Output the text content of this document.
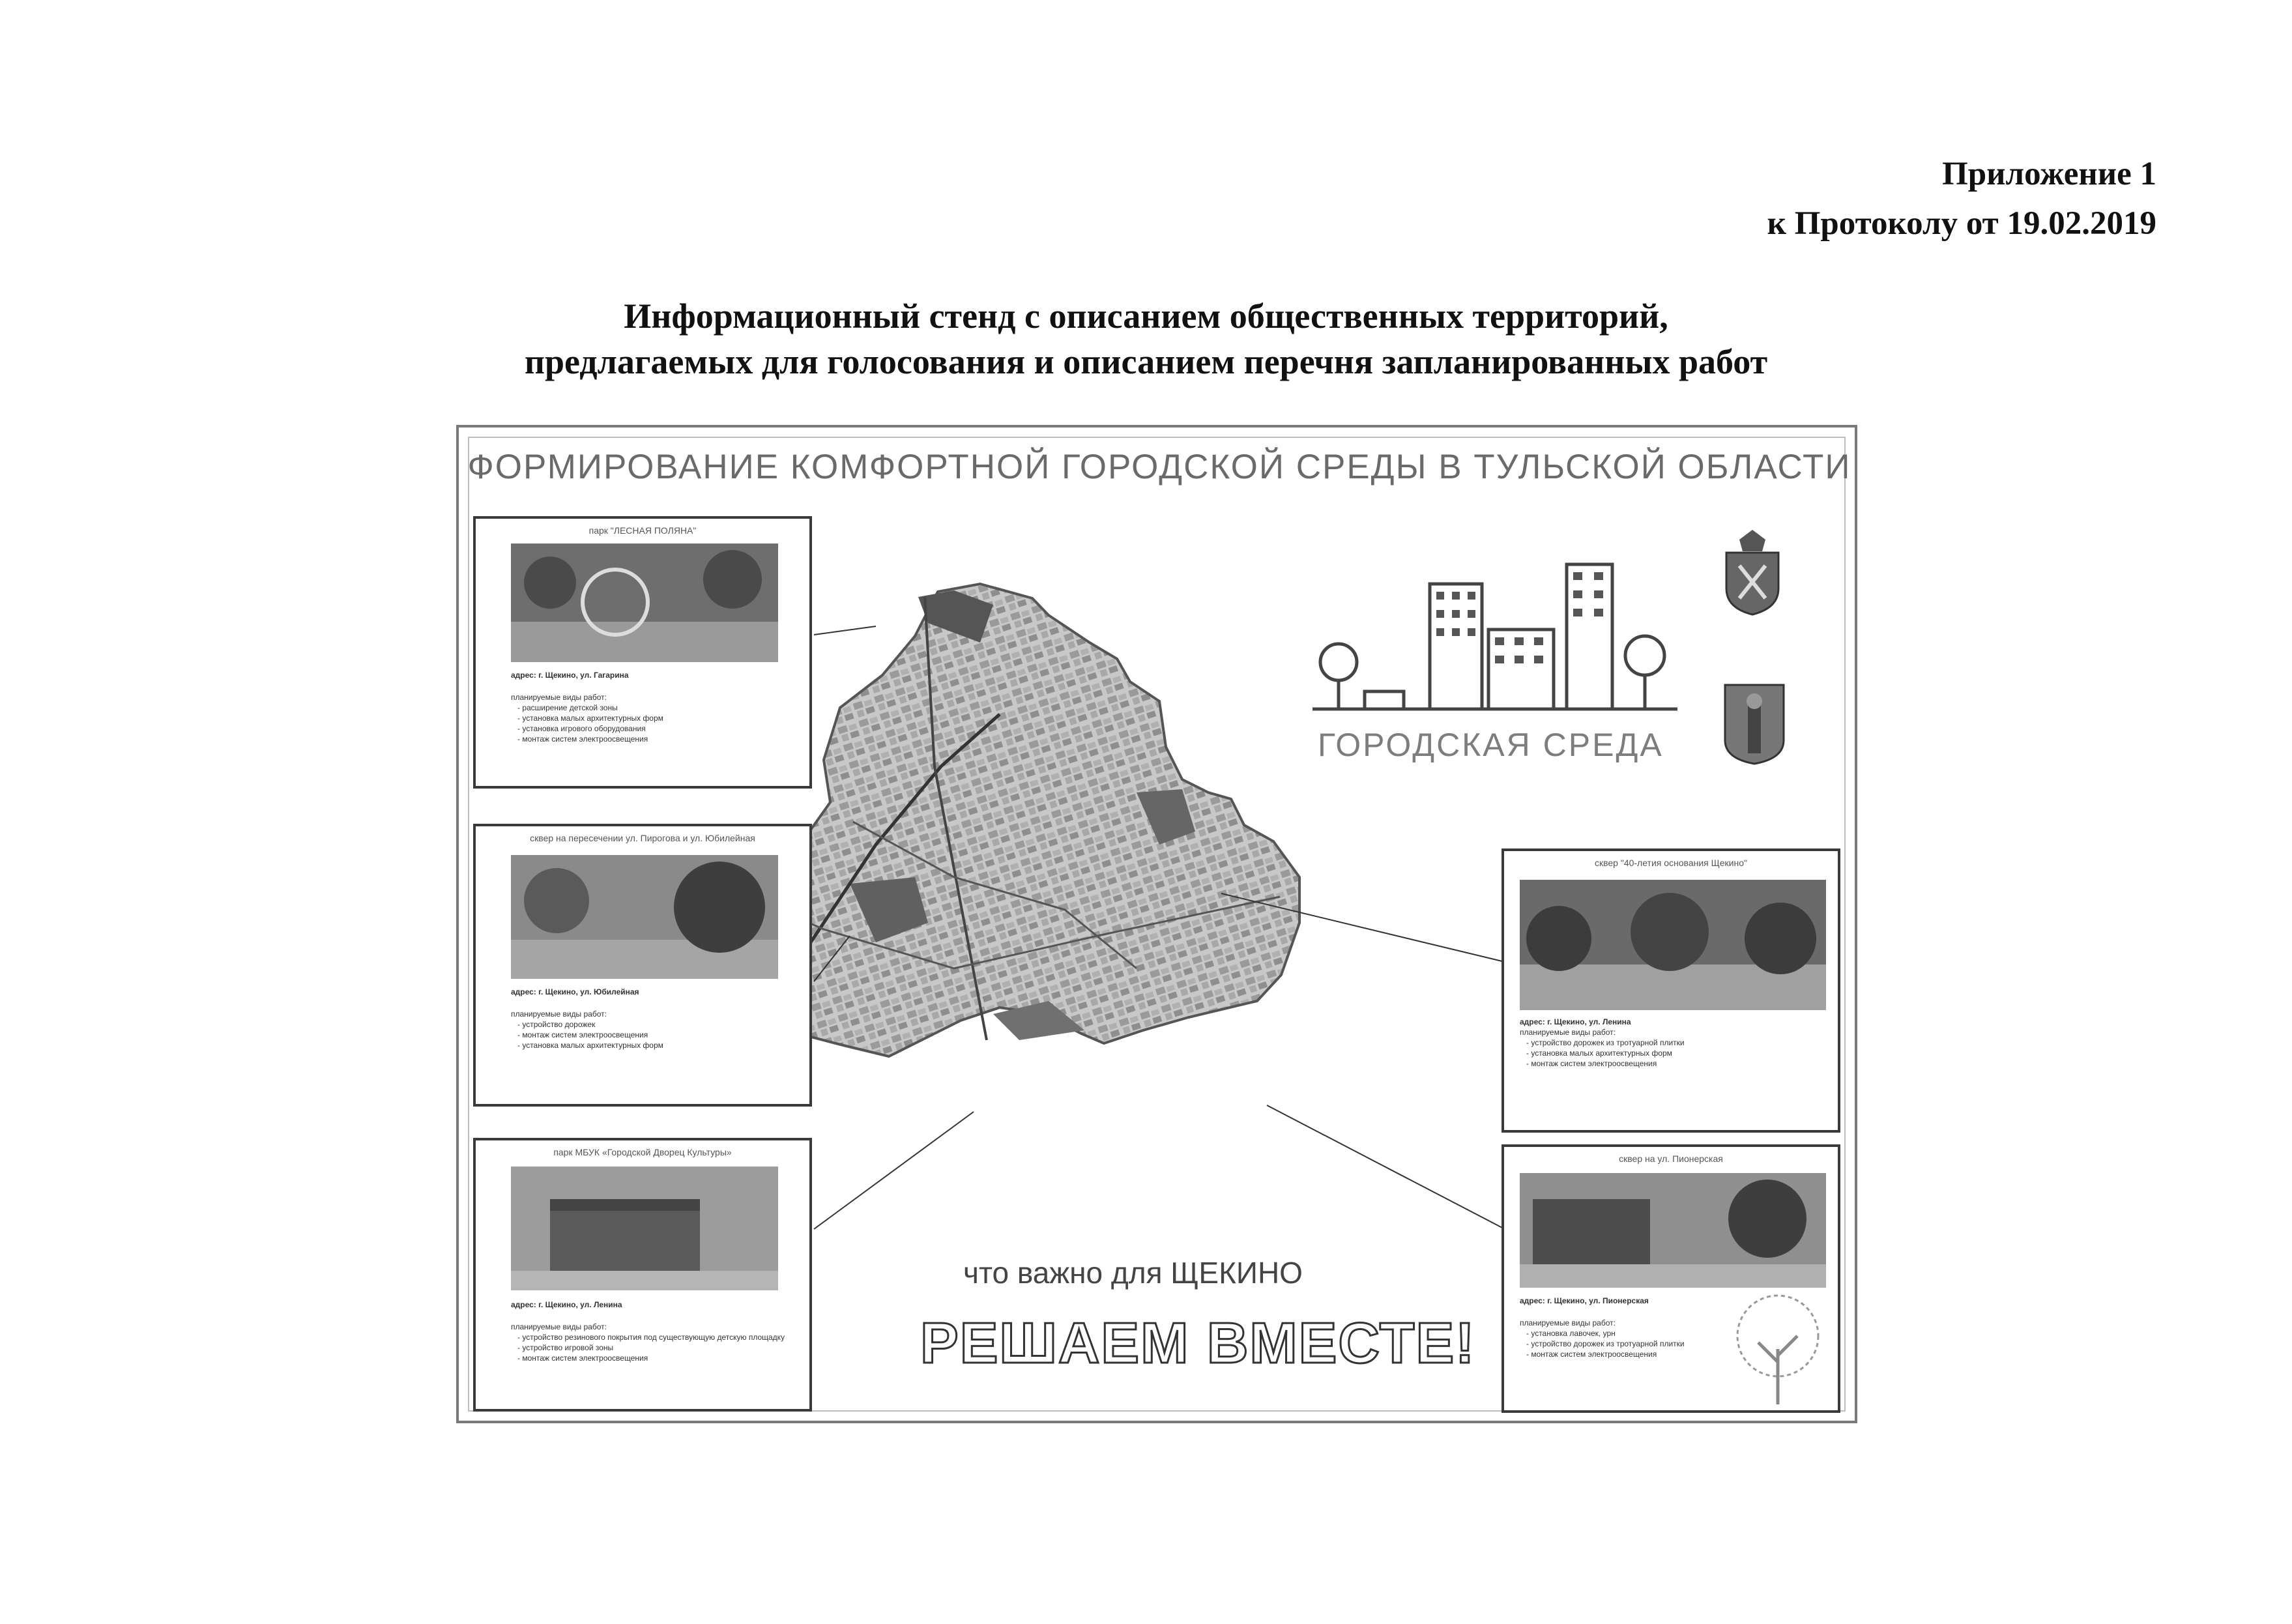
Приложение 1
к Протоколу от 19.02.2019
Информационный стенд с описанием общественных территорий,
предлагаемых для голосования и описанием перечня запланированных работ
ФОРМИРОВАНИЕ КОМФОРТНОЙ ГОРОДСКОЙ СРЕДЫ В ТУЛЬСКОЙ ОБЛАСТИ
парк "ЛЕСНАЯ ПОЛЯНА"
адрес: г. Щекино, ул. Гагарина
планируемые виды работ:
- расширение детской зоны
- установка малых архитектурных форм
- установка игрового оборудования
- монтаж систем электроосвещения
сквер на пересечении ул. Пирогова и ул. Юбилейная
адрес: г. Щекино, ул. Юбилейная
планируемые виды работ:
- устройство дорожек
- монтаж систем электроосвещения
- установка малых архитектурных форм
парк МБУК «Городской Дворец Культуры»
адрес: г. Щекино, ул. Ленина
планируемые виды работ:
- устройство резинового покрытия под существующую детскую площадку
- устройство игровой зоны
- монтаж систем электроосвещения
сквер "40-летия основания Щекино"
адрес: г. Щекино, ул. Ленина
планируемые виды работ:
- устройство дорожек из тротуарной плитки
- установка малых архитектурных форм
- монтаж систем электроосвещения
сквер на ул. Пионерская
адрес: г. Щекино, ул. Пионерская
планируемые виды работ:
- установка лавочек, урн
- устройство дорожек из тротуарной плитки
- монтаж систем электроосвещения
ГОРОДСКАЯ СРЕДА
что важно для ЩЕКИНО
РЕШАЕМ ВМЕСТЕ!
